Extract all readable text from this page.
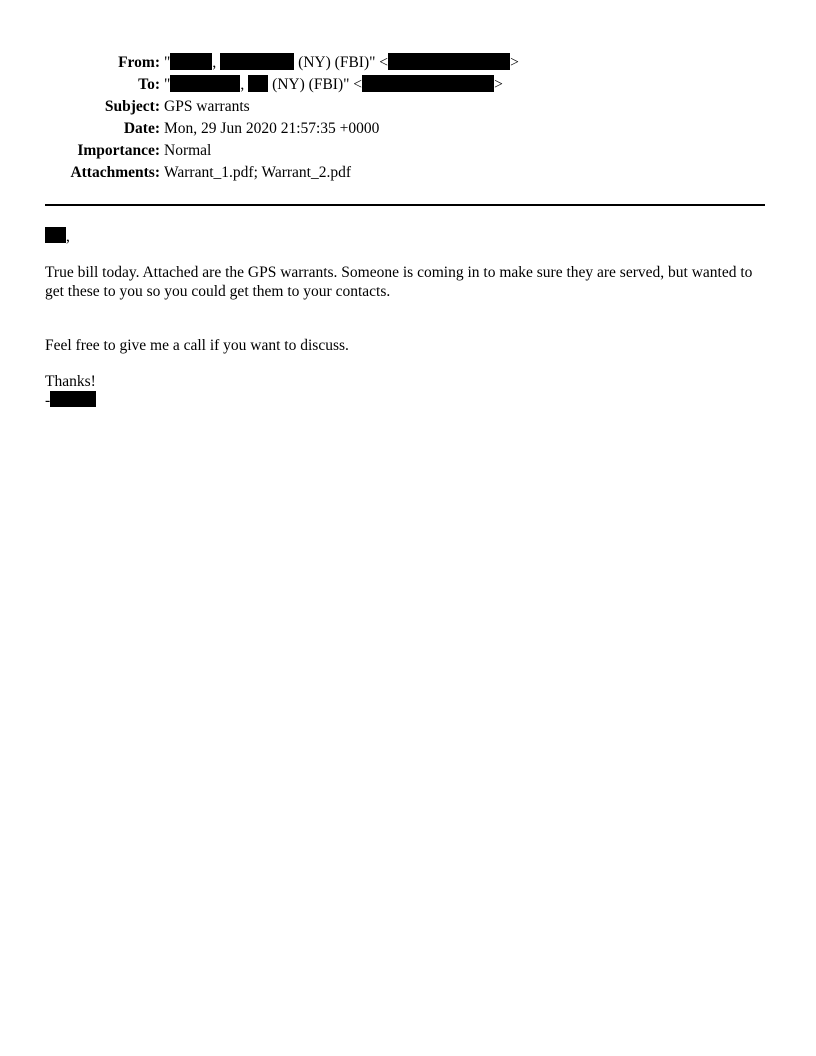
From: "	,	(NY) (FBI)" <	>
To: "	, (NY) (FBI)" <	>
Subject: GPS warrants
Date: Mon, 29 Jun 2020 21:57:35 +0000
Importance: Normal
Attachments: Warrant_1.pdf; Warrant_2.pdf

,

True bill today. Attached are the GPS warrants. Someone is coming in to make sure they are served, but wanted to get these to you so you could get them to your contacts.

Feel free to give me a call if you want to discuss.

Thanks!

-
